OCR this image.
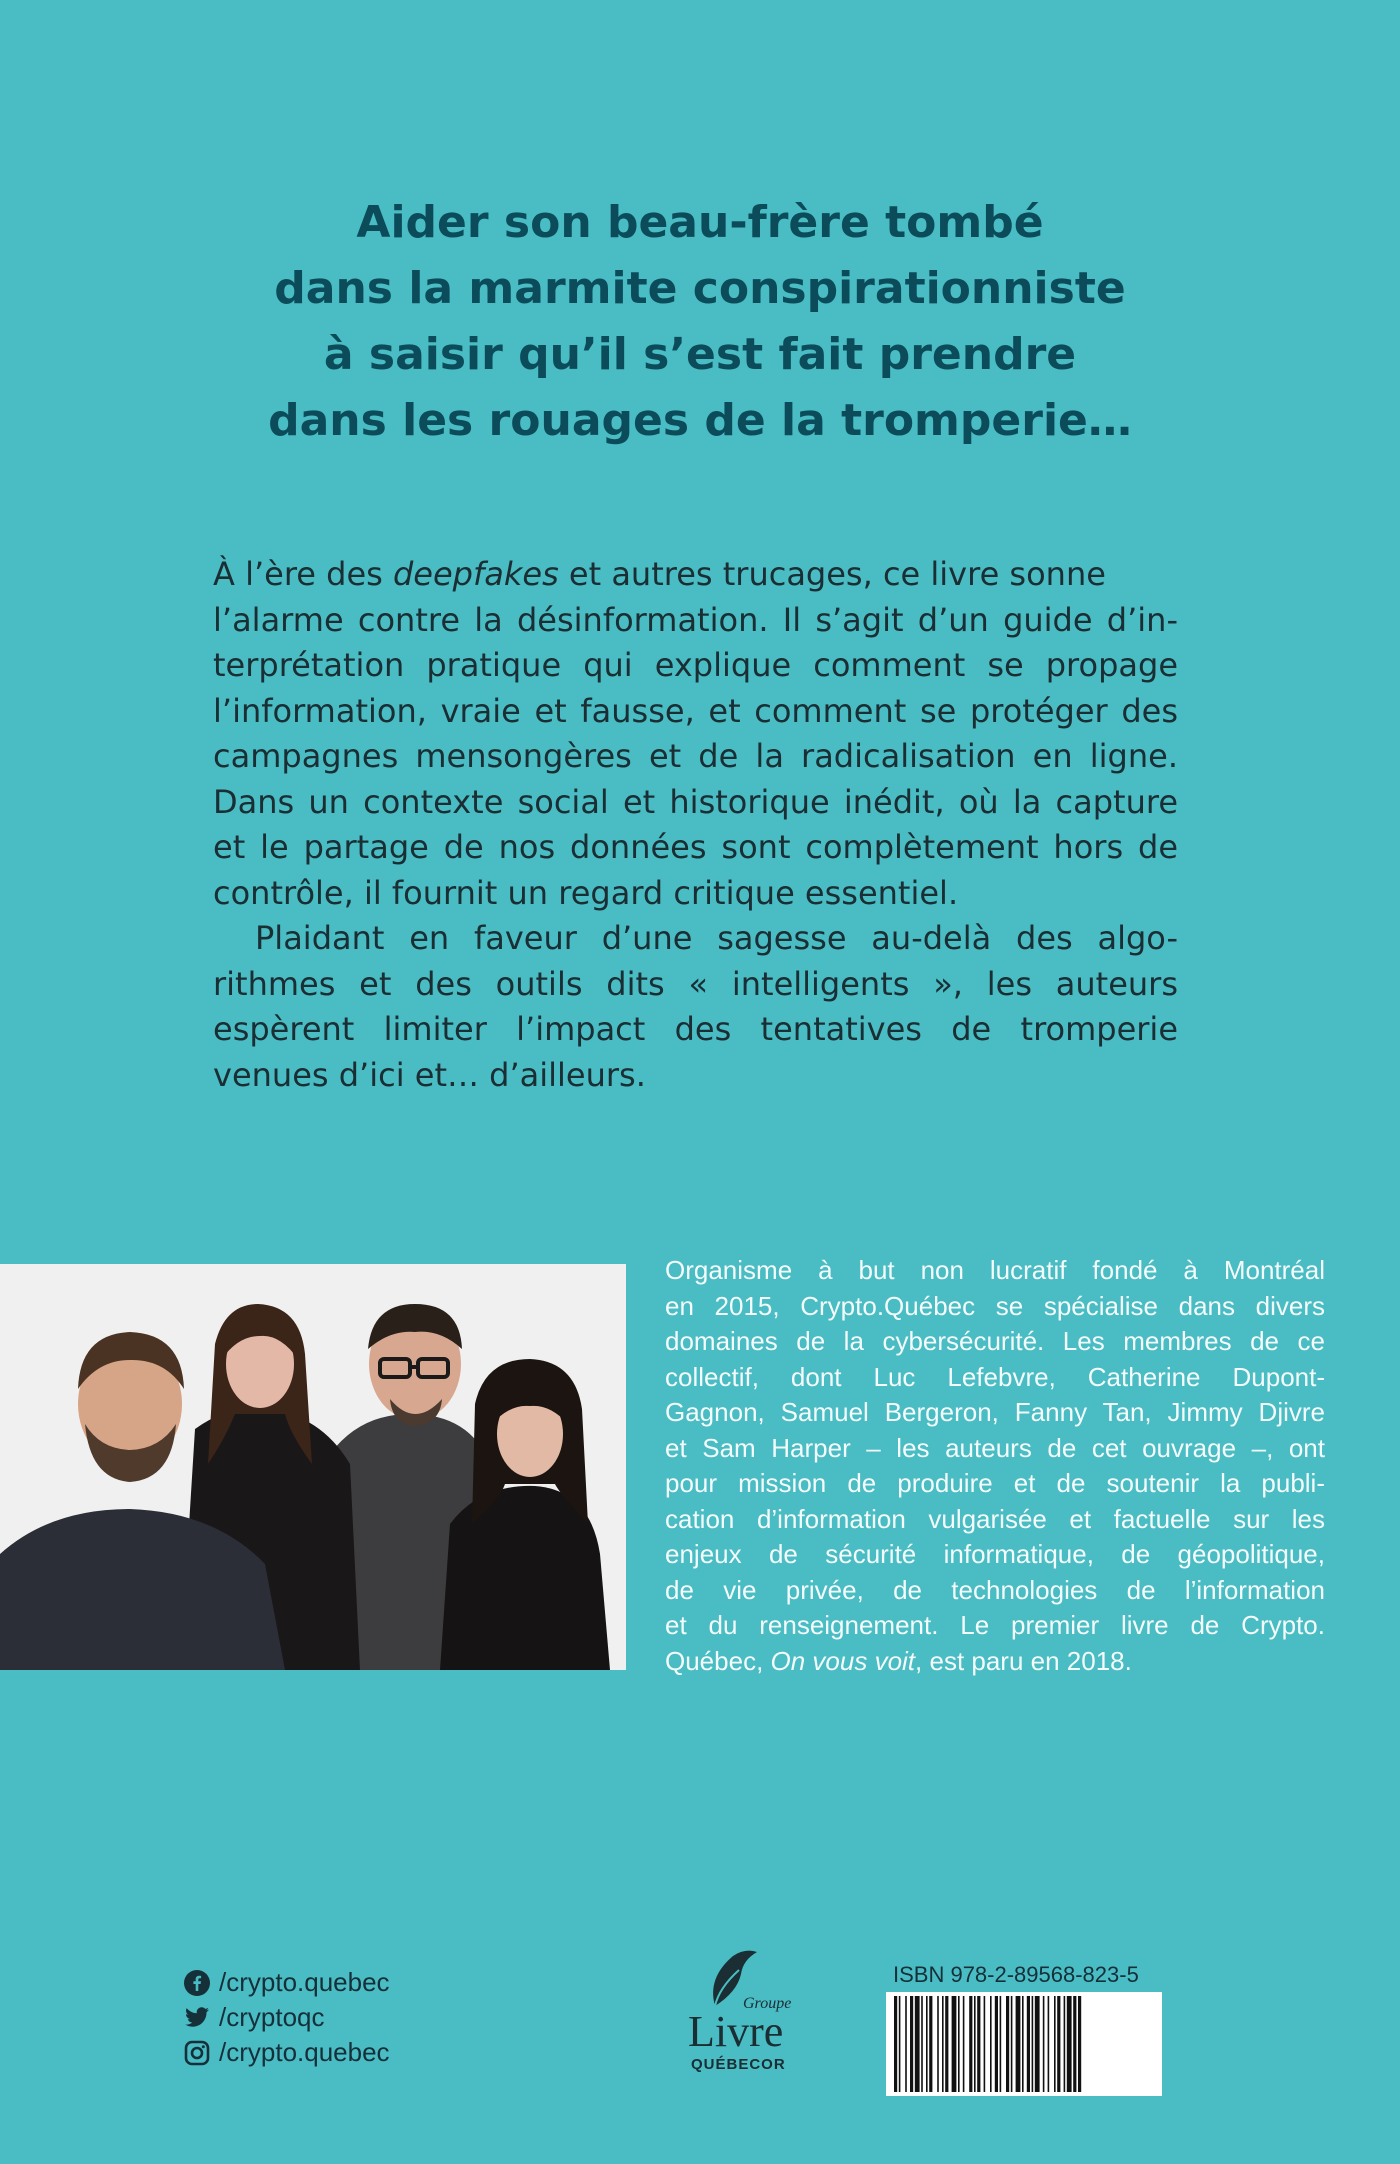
Aider son beau-frère tombé
dans la marmite conspirationniste
à saisir qu’il s’est fait prendre
dans les rouages de la tromperie…
À l’ère des deepfakes et autres trucages, ce livre sonne
l’alarme contre la désinformation. Il s’agit d’un guide d’in-
terprétation pratique qui explique comment se propage
l’information, vraie et fausse, et comment se protéger des
campagnes mensongères et de la radicalisation en ligne.
Dans un contexte social et historique inédit, où la capture
et le partage de nos données sont complètement hors de
contrôle, il fournit un regard critique essentiel.
Plaidant en faveur d’une sagesse au-delà des algo-
rithmes et des outils dits « intelligents », les auteurs
espèrent limiter l’impact des tentatives de tromperie
venues d’ici et… d’ailleurs.
Organisme à but non lucratif fondé à Montréal
en 2015, Crypto.Québec se spécialise dans divers
domaines de la cybersécurité. Les membres de ce
collectif, dont Luc Lefebvre, Catherine Dupont-
Gagnon, Samuel Bergeron, Fanny Tan, Jimmy Djivre
et Sam Harper – les auteurs de cet ouvrage –, ont
pour mission de produire et de soutenir la publi-
cation d’information vulgarisée et factuelle sur les
enjeux de sécurité informatique, de géopolitique,
de vie privée, de technologies de l’information
et du renseignement. Le premier livre de Crypto.
Québec, On vous voit, est paru en 2018.
/crypto.quebec
/cryptoqc
/crypto.quebec
Groupe
Livre
QUÉBECOR
ISBN 978-2-89568-823-5
